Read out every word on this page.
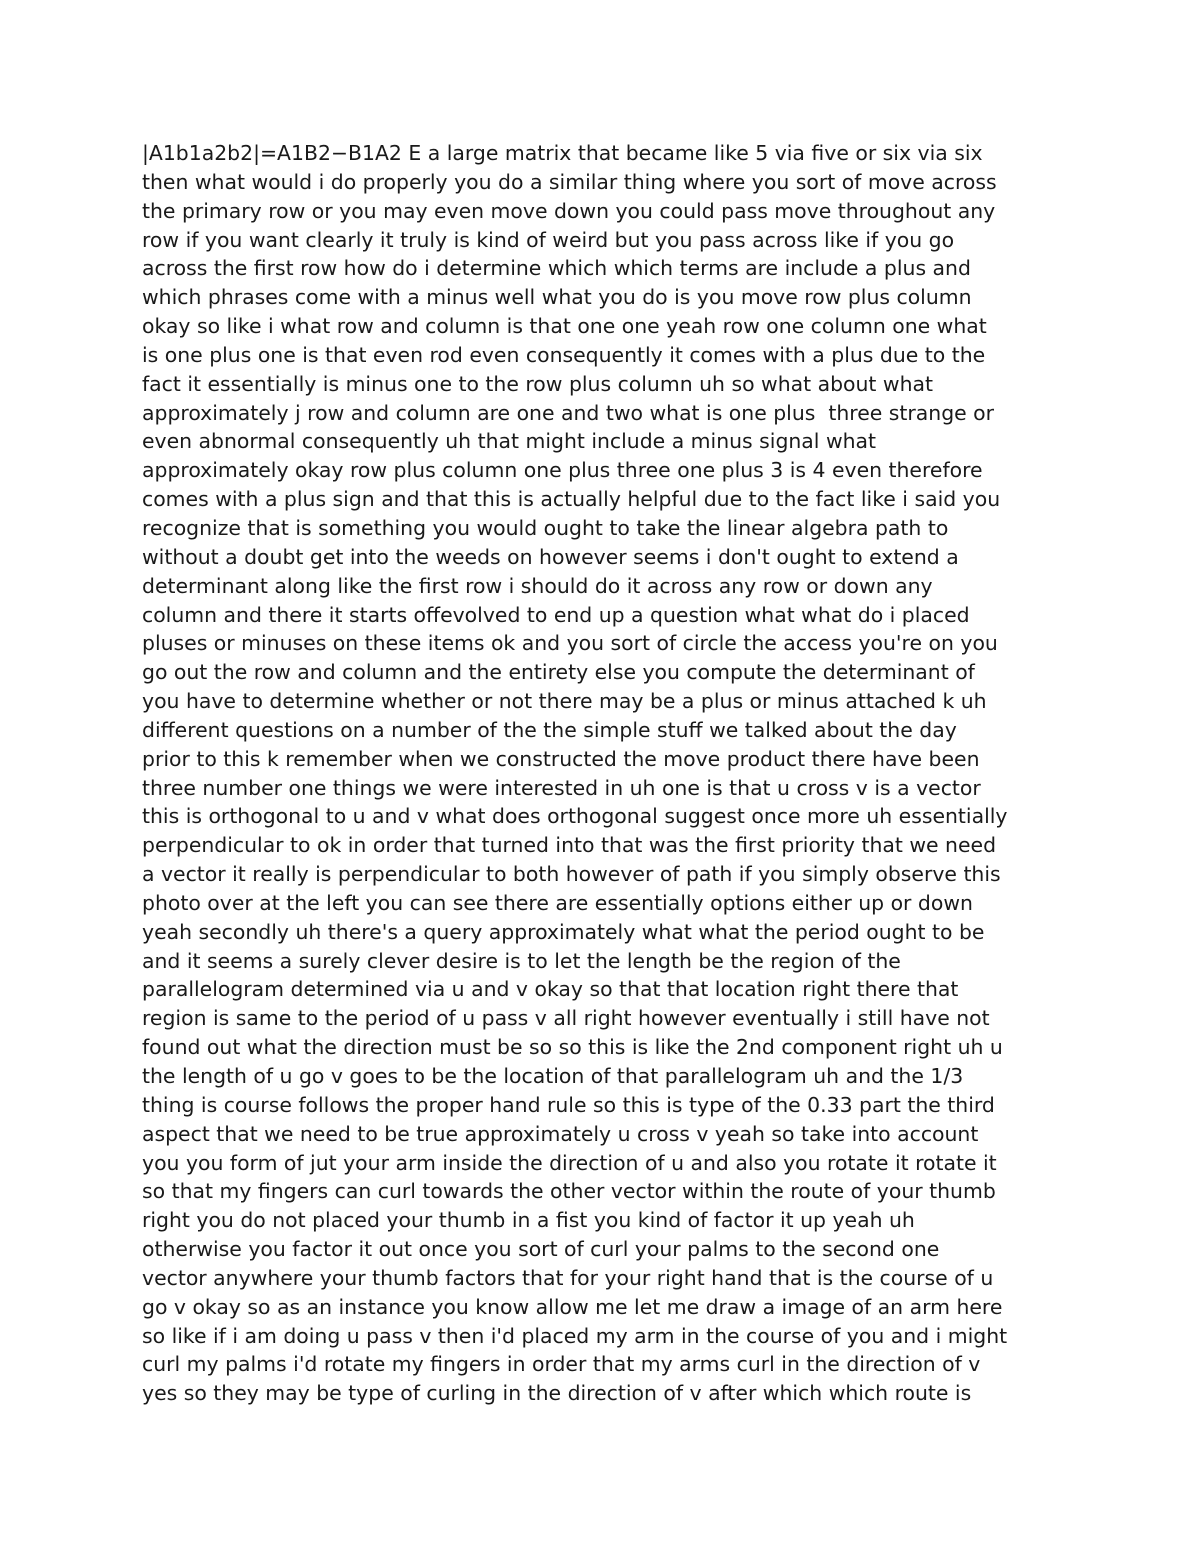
|A1b1a2b2|=A1B2−B1A2 E a large matrix that became like 5 via five or six via six
then what would i do properly you do a similar thing where you sort of move across
the primary row or you may even move down you could pass move throughout any
row if you want clearly it truly is kind of weird but you pass across like if you go
across the first row how do i determine which which terms are include a plus and
which phrases come with a minus well what you do is you move row plus column
okay so like i what row and column is that one one yeah row one column one what
is one plus one is that even rod even consequently it comes with a plus due to the
fact it essentially is minus one to the row plus column uh so what about what
approximately j row and column are one and two what is one plus  three strange or
even abnormal consequently uh that might include a minus signal what
approximately okay row plus column one plus three one plus 3 is 4 even therefore
comes with a plus sign and that this is actually helpful due to the fact like i said you
recognize that is something you would ought to take the linear algebra path to
without a doubt get into the weeds on however seems i don't ought to extend a
determinant along like the first row i should do it across any row or down any
column and there it starts offevolved to end up a question what what do i placed
pluses or minuses on these items ok and you sort of circle the access you're on you
go out the row and column and the entirety else you compute the determinant of
you have to determine whether or not there may be a plus or minus attached k uh
different questions on a number of the the simple stuff we talked about the day
prior to this k remember when we constructed the move product there have been
three number one things we were interested in uh one is that u cross v is a vector
this is orthogonal to u and v what does orthogonal suggest once more uh essentially
perpendicular to ok in order that turned into that was the first priority that we need
a vector it really is perpendicular to both however of path if you simply observe this
photo over at the left you can see there are essentially options either up or down
yeah secondly uh there's a query approximately what what the period ought to be
and it seems a surely clever desire is to let the length be the region of the
parallelogram determined via u and v okay so that that location right there that
region is same to the period of u pass v all right however eventually i still have not
found out what the direction must be so so this is like the 2nd component right uh u
the length of u go v goes to be the location of that parallelogram uh and the 1/3
thing is course follows the proper hand rule so this is type of the 0.33 part the third
aspect that we need to be true approximately u cross v yeah so take into account
you you form of jut your arm inside the direction of u and also you rotate it rotate it
so that my fingers can curl towards the other vector within the route of your thumb
right you do not placed your thumb in a fist you kind of factor it up yeah uh
otherwise you factor it out once you sort of curl your palms to the second one
vector anywhere your thumb factors that for your right hand that is the course of u
go v okay so as an instance you know allow me let me draw a image of an arm here
so like if i am doing u pass v then i'd placed my arm in the course of you and i might
curl my palms i'd rotate my fingers in order that my arms curl in the direction of v
yes so they may be type of curling in the direction of v after which which route is
